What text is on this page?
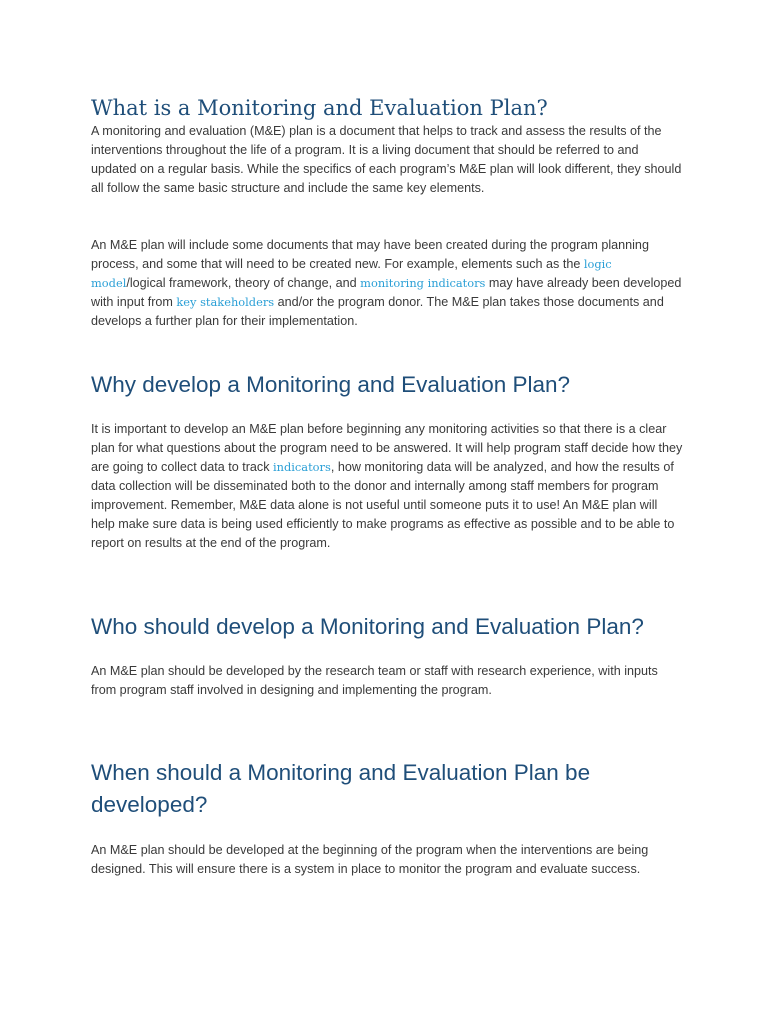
What is a Monitoring and Evaluation Plan?

A monitoring and evaluation (M&E) plan is a document that helps to track and assess the results of the interventions throughout the life of a program. It is a living document that should be referred to and updated on a regular basis. While the specifics of each program’s M&E plan will look different, they should all follow the same basic structure and include the same key elements.

An M&E plan will include some documents that may have been created during the program planning process, and some that will need to be created new. For example, elements such as the logic model/logical framework, theory of change, and monitoring indicators may have already been developed with input from key stakeholders and/or the program donor. The M&E plan takes those documents and develops a further plan for their implementation.

Why develop a Monitoring and Evaluation Plan?

It is important to develop an M&E plan before beginning any monitoring activities so that there is a clear plan for what questions about the program need to be answered. It will help program staff decide how they are going to collect data to track indicators, how monitoring data will be analyzed, and how the results of data collection will be disseminated both to the donor and internally among staff members for program improvement. Remember, M&E data alone is not useful until someone puts it to use! An M&E plan will help make sure data is being used efficiently to make programs as effective as possible and to be able to report on results at the end of the program.

Who should develop a Monitoring and Evaluation Plan?

An M&E plan should be developed by the research team or staff with research experience, with inputs from program staff involved in designing and implementing the program.

When should a Monitoring and Evaluation Plan be developed?

An M&E plan should be developed at the beginning of the program when the interventions are being designed. This will ensure there is a system in place to monitor the program and evaluate success.
